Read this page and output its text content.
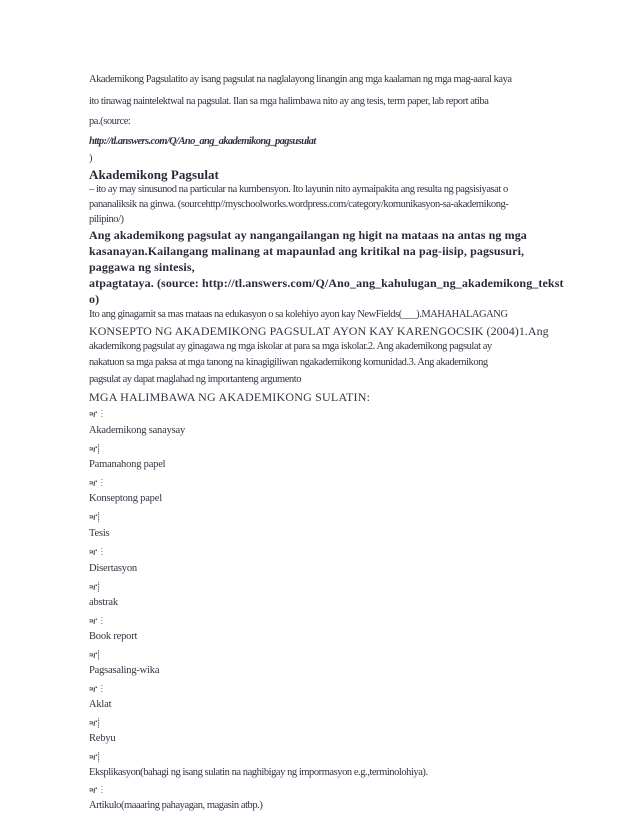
Akademikong Pagsulatito ay isang pagsulat na naglalayong linangin ang mga kaalaman ng mga mag-aaral kaya
ito tinawag naintelektwal na pagsulat. Ilan sa mga halimbawa nito ay ang tesis, term paper, lab report atiba
pa.(source:
http://tl.answers.com/Q/Ano_ang_akademikong_pagsusulat
)
Akademikong Pagsulat
– ito ay may sinusunod na particular na kumbensyon. Ito layunin nito aymaipakita ang resulta ng pagsisiyasat o
pananaliksik na ginwa. (sourcehttp//myschoolworks.wordpress.com/category/komunikasyon-sa-akademikong-
pilipino/)
Ang akademikong pagsulat ay nangangailangan ng higit na mataas na antas ng mga
kasanayan.Kailangang malinang at mapaunlad ang kritikal na pag-iisip, pagsusuri,
paggawa ng sintesis,
atpagtataya. (source: http://tl.answers.com/Q/Ano_ang_kahulugan_ng_akademikong_tekst
o)
Ito ang ginagamit sa mas mataas na edukasyon o sa kolehiyo ayon kay NewFields(___).MAHAHALAGANG
KONSEPTO NG AKADEMIKONG PAGSULAT AYON KAY KARENGOCSIK (2004)1.Ang
akademikong pagsulat ay ginagawa ng mga iskolar at para sa mga iskolar.2. Ang akademikong pagsulat ay
nakatuon sa mga paksa at mga tanong na kinagigiliwan ngakademikong komunidad.3. Ang akademikong
pagsulat ay dapat maglahad ng importanteng argumento
MGA HALIMBAWA NG AKADEMIKONG SULATIN:
ⶳ︙
Akademikong sanaysay
ⶳ⸽
Pamanahong papel
ⶳ︙
Konseptong papel
ⶳ⸽
Tesis
ⶳ︙
Disertasyon
ⶳ⸽
abstrak
ⶳ︙
Book report
ⶳ⸽
Pagsasaling-wika
ⶳ︙
Aklat
ⶳ⸽
Rebyu
ⶳ⸽
Eksplikasyon(bahagi ng isang sulatin na naghibigay ng impormasyon e.g.,terminolohiya).
ⶳ︙
Artikulo(maaaring pahayagan, magasin atbp.)
